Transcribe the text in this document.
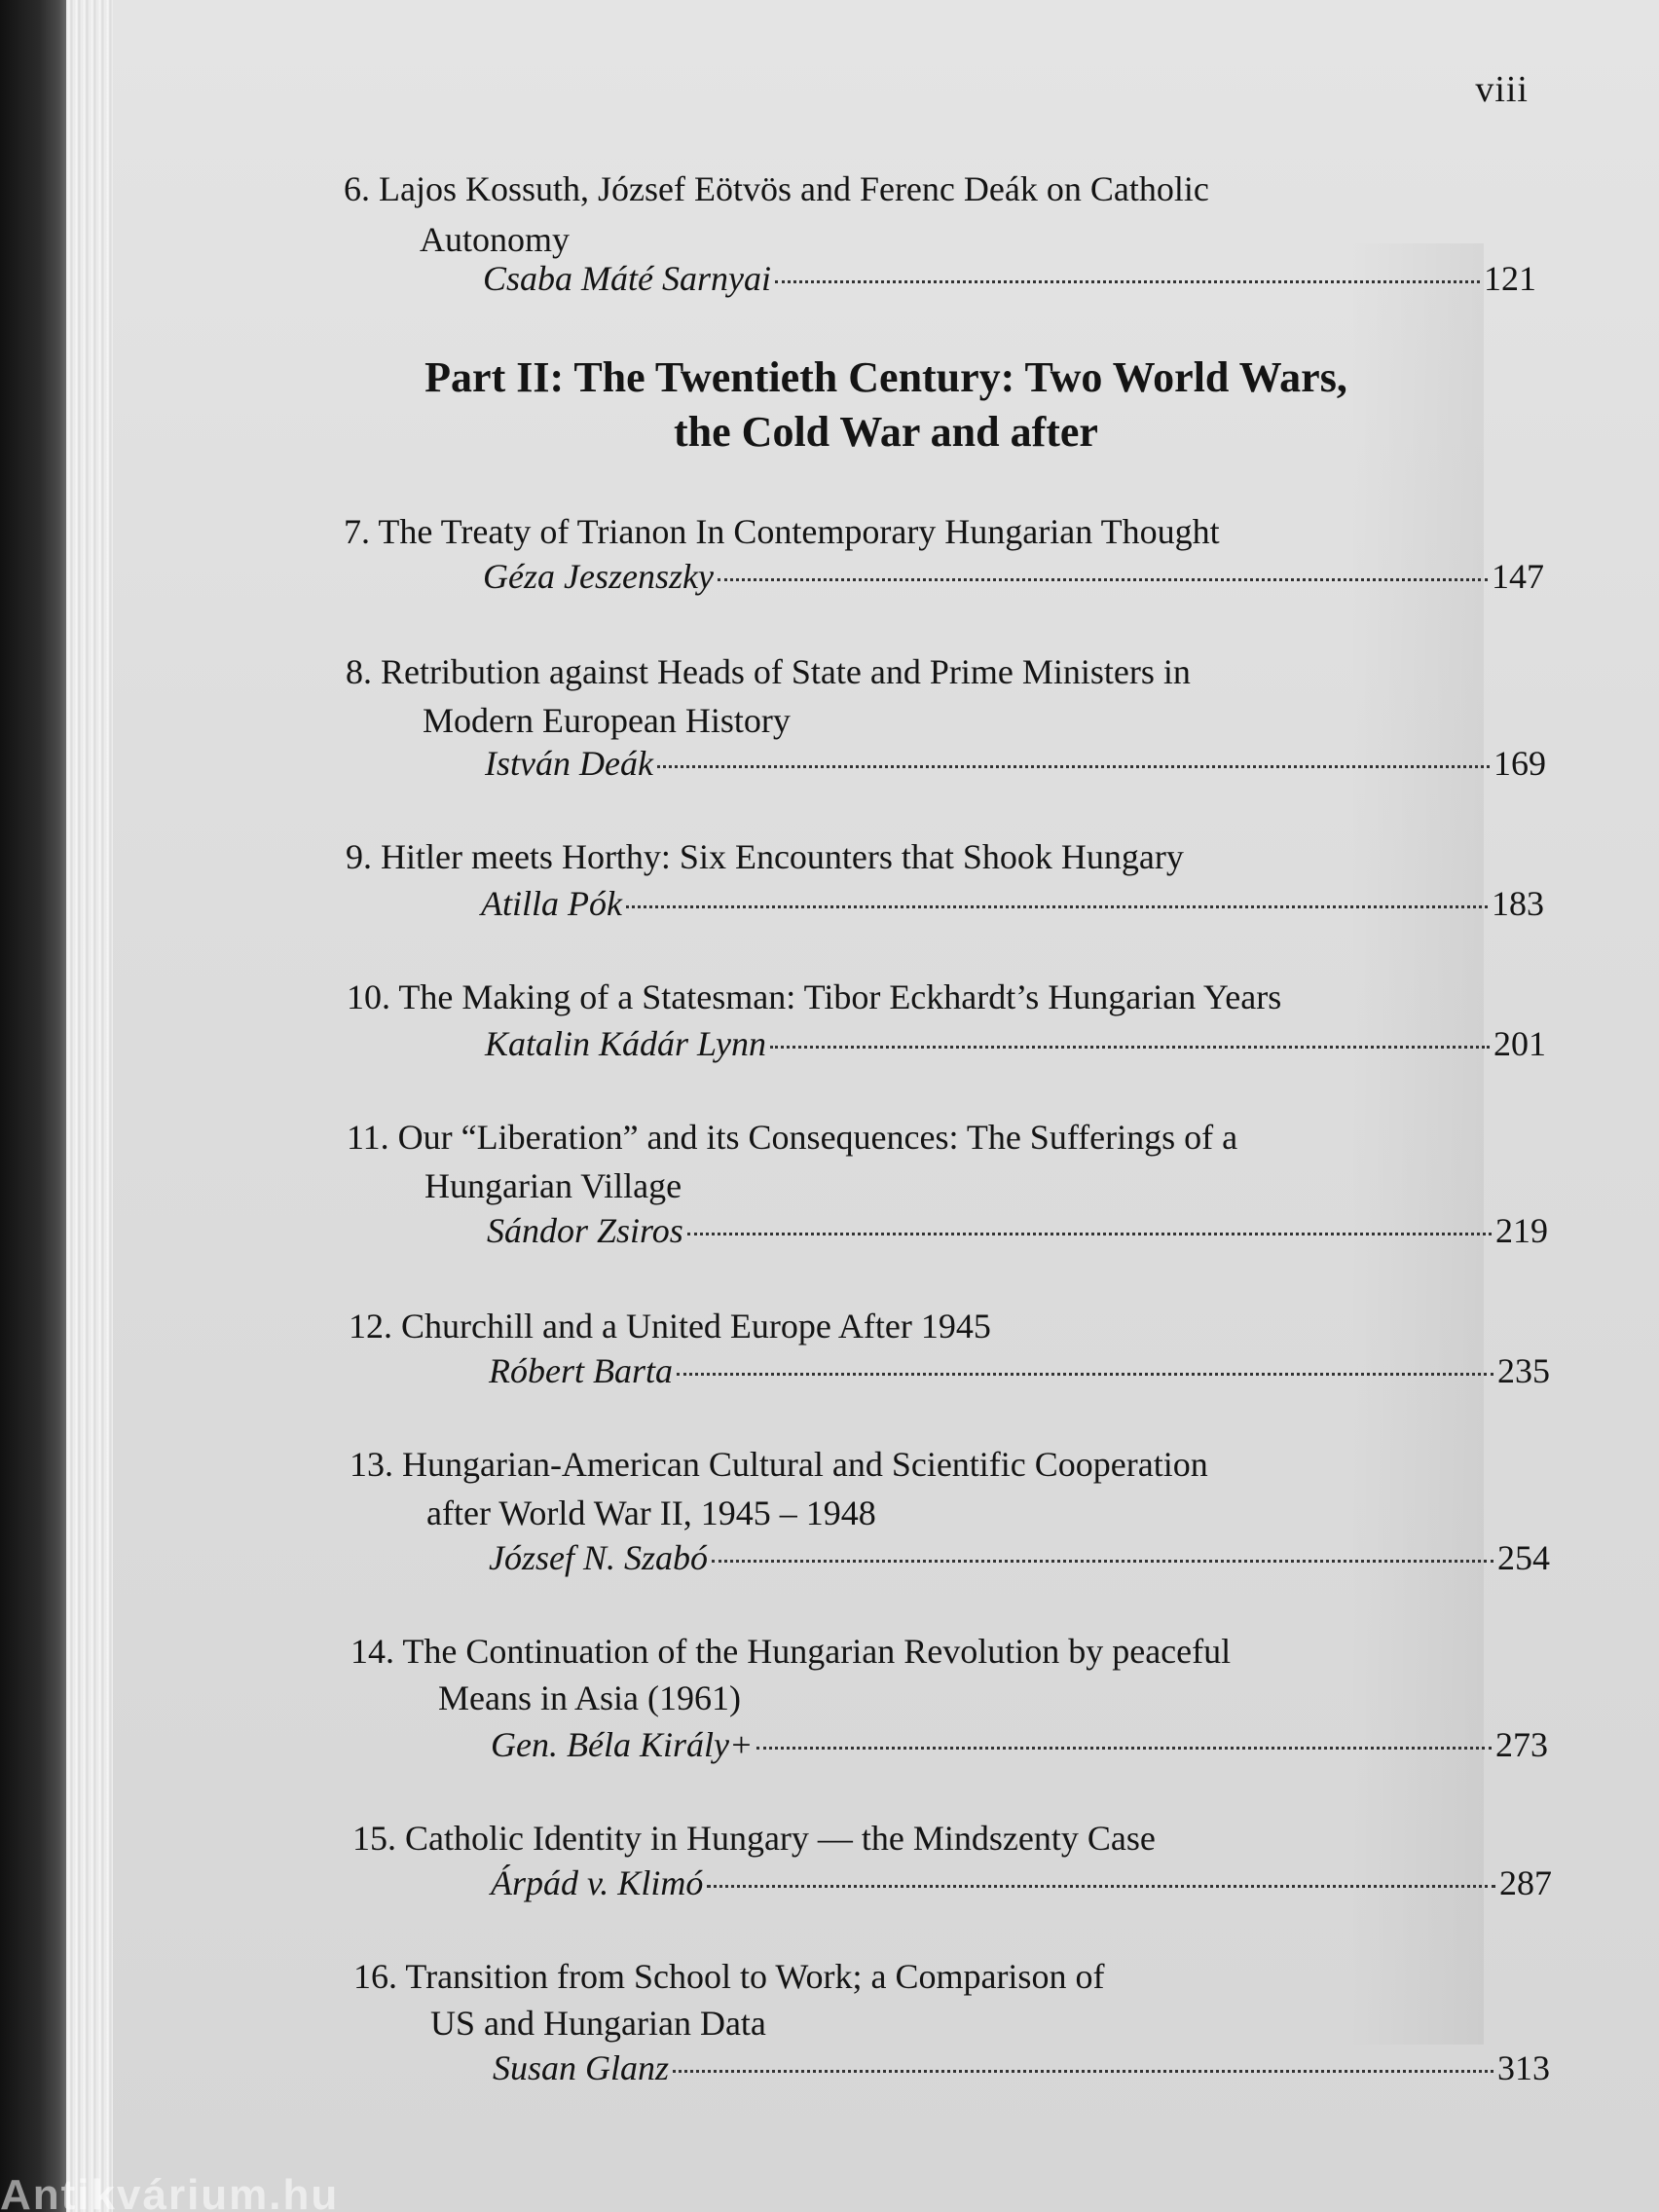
viii
6. Lajos Kossuth, József Eötvös and Ferenc Deák on Catholic
Autonomy
Csaba Máté Sarnyai	121
Part II: The Twentieth Century: Two World Wars,
the Cold War and after
7. The Treaty of Trianon In Contemporary Hungarian Thought
Géza Jeszenszky	147
8. Retribution against Heads of State and Prime Ministers in
Modern European History
István Deák	169
9. Hitler meets Horthy: Six Encounters that Shook Hungary
Atilla Pók	183
10. The Making of a Statesman: Tibor Eckhardt’s Hungarian Years
Katalin Kádár Lynn	201
11. Our “Liberation” and its Consequences: The Sufferings of a
Hungarian Village
Sándor Zsiros	219
12. Churchill and a United Europe After 1945
Róbert Barta	235
13. Hungarian-American Cultural and Scientific Cooperation
after World War II, 1945 – 1948
József N. Szabó	254
14. The Continuation of the Hungarian Revolution by peaceful
Means in Asia (1961)
Gen. Béla Király+	273
15. Catholic Identity in Hungary — the Mindszenty Case
Árpád v. Klimó	287
16. Transition from School to Work; a Comparison of
US and Hungarian Data
Susan Glanz	313
Antikvárium.hu
